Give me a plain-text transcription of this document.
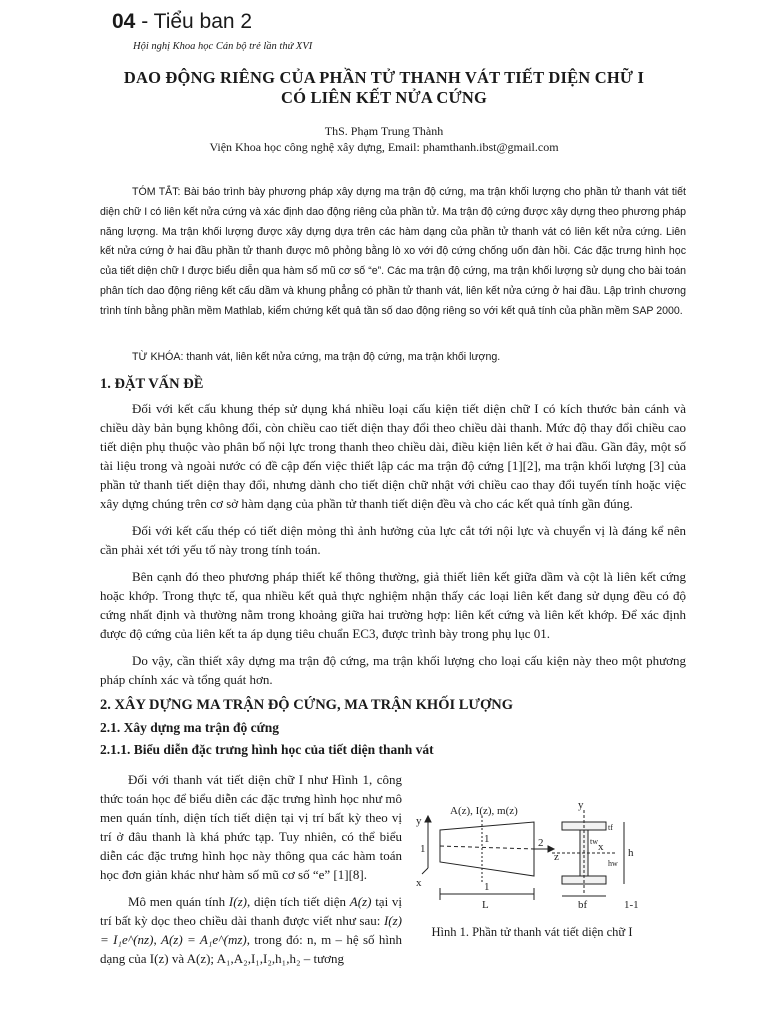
04 - Tiểu ban 2
Hội nghị Khoa học Cán bộ trẻ lần thứ XVI
DAO ĐỘNG RIÊNG CỦA PHẦN TỬ THANH VÁT TIẾT DIỆN CHỮ I
CÓ LIÊN KẾT NỬA CỨNG
ThS. Phạm Trung Thành
Viện Khoa học công nghệ xây dựng, Email: phamthanh.ibst@gmail.com

TÓM TẮT: Bài báo trình bày phương pháp xây dựng ma trận độ cứng, ma trận khối lượng cho phần tử thanh vát tiết diện chữ I có liên kết nửa cứng và xác định dao động riêng của phần tử. Ma trận độ cứng được xây dựng theo phương pháp năng lượng. Ma trận khối lượng được xây dựng dựa trên các hàm dạng của phần tử thanh vát có liên kết nửa cứng. Liên kết nửa cứng ở hai đầu phần tử thanh được mô phỏng bằng lò xo với độ cứng chống uốn đàn hồi. Các đặc trưng hình học của tiết diện chữ I được biểu diễn qua hàm số mũ cơ số “e”. Các ma trận độ cứng, ma trận khối lượng sử dụng cho bài toán phân tích dao động riêng kết cấu dầm và khung phẳng có phần tử thanh vát, liên kết nửa cứng ở hai đầu. Lập trình chương trình tính bằng phần mềm Mathlab, kiểm chứng kết quả tần số dao động riêng so với kết quả tính của phần mềm SAP 2000.

TỪ KHÓA: thanh vát, liên kết nửa cứng, ma trận độ cứng, ma trận khối lượng.

1. ĐẶT VẤN ĐỀ

Đối với kết cấu khung thép sử dụng khá nhiều loại cấu kiện tiết diện chữ I có kích thước bản cánh và chiều dày bản bụng không đổi, còn chiều cao tiết diện thay đổi theo chiều dài thanh. Mức độ thay đổi chiều cao tiết diện phụ thuộc vào phân bố nội lực trong thanh theo chiều dài, điều kiện liên kết ở hai đầu. Gần đây, một số tài liệu trong và ngoài nước có đề cập đến việc thiết lập các ma trận độ cứng [1][2], ma trận khối lượng [3] của phần tử thanh tiết diện thay đổi, nhưng dành cho tiết diện chữ nhật với chiều cao thay đổi tuyến tính hoặc việc xây dựng chúng trên cơ sở hàm dạng của phần tử thanh tiết diện đều và cho các kết quả tính gần đúng.

Đối với kết cấu thép có tiết diện mỏng thì ảnh hưởng của lực cắt tới nội lực và chuyển vị là đáng kể nên cần phải xét tới yếu tố này trong tính toán.

Bên cạnh đó theo phương pháp thiết kế thông thường, giả thiết liên kết giữa dầm và cột là liên kết cứng hoặc khớp. Trong thực tế, qua nhiều kết quả thực nghiệm nhận thấy các loại liên kết đang sử dụng đều có độ cứng nhất định và thường nằm trong khoảng giữa hai trường hợp: liên kết cứng và liên kết khớp. Để xác định được độ cứng của liên kết ta áp dụng tiêu chuẩn EC3, được trình bày trong phụ lục 01.

Do vậy, cần thiết xây dựng ma trận độ cứng, ma trận khối lượng cho loại cấu kiện này theo một phương pháp chính xác và tổng quát hơn.

2. XÂY DỰNG MA TRẬN ĐỘ CỨNG, MA TRẬN KHỐI LƯỢNG
2.1. Xây dựng ma trận độ cứng
2.1.1. Biểu diễn đặc trưng hình học của tiết diện thanh vát

Đối với thanh vát tiết diện chữ I như Hình 1, công thức toán học để biểu diễn các đặc trưng hình học như mô men quán tính, diện tích tiết diện tại vị trí bất kỳ theo vị trí ở đâu thanh là khá phức tạp. Tuy nhiên, có thể biểu diễn các đặc trưng hình học này thông qua các hàm toán học đơn giản khác như hàm số mũ cơ số “e” [1][8].

Mô men quán tính I(z), diện tích tiết diện A(z) tại vị trí bất kỳ dọc theo chiều dài thanh được viết như sau: I(z) = I₁e^(nz), A(z) = A₁e^(mz), trong đó: n, m – hệ số hình dạng của I(z) và A(z); A₁,A₂,I₁,I₂,h₁,h₂ – tương

A(z), I(z), m(z)
y
x
z
1	2
1
1
L
y
x h
hw
tf
tw
bf	1-1
Hình 1. Phần tử thanh vát tiết diện chữ I
